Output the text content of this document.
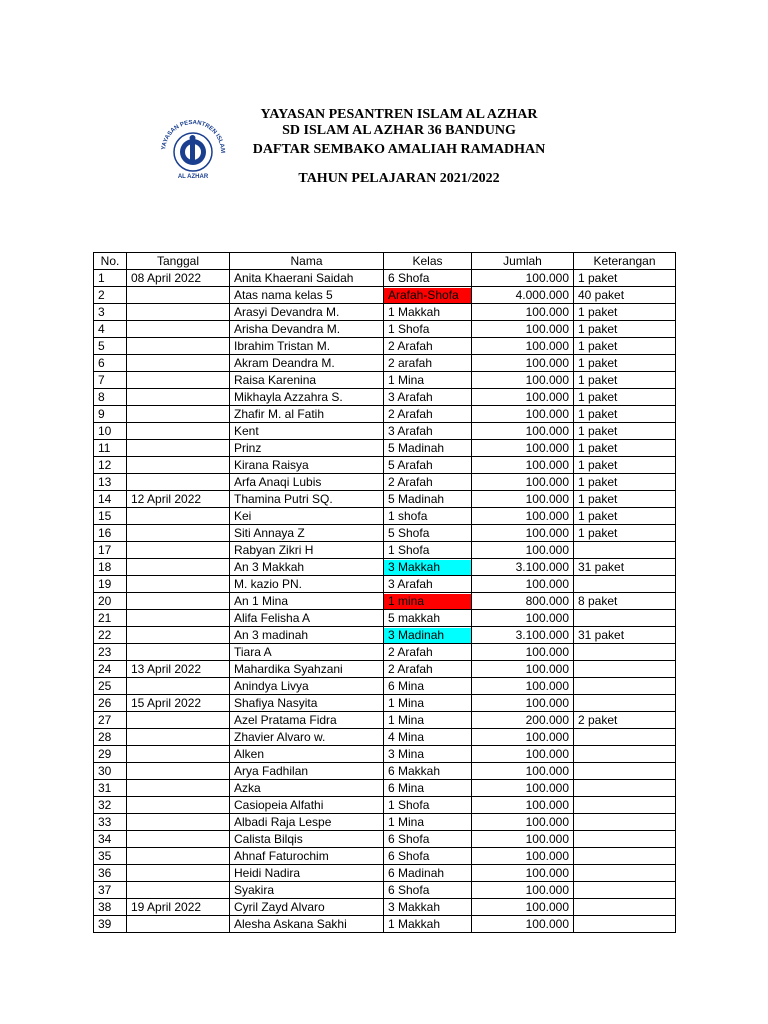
YAYASAN PESANTREN ISLAM
AL AZHAR
YAYASAN PESANTREN ISLAM AL AZHAR
SD ISLAM AL AZHAR 36 BANDUNG
DAFTAR SEMBAKO AMALIAH RAMADHAN
TAHUN PELAJARAN 2021/2022
No.	Tanggal	Nama	Kelas	Jumlah	Keterangan
1	08 April 2022	Anita Khaerani Saidah	6 Shofa	100.000	1 paket
2		Atas nama kelas 5	Arafah-Shofa	4.000.000	40 paket
3		Arasyi Devandra M.	1 Makkah	100.000	1 paket
4		Arisha Devandra M.	1 Shofa	100.000	1 paket
5		Ibrahim Tristan M.	2 Arafah	100.000	1 paket
6		Akram Deandra M.	2 arafah	100.000	1 paket
7		Raisa Karenina	1 Mina	100.000	1 paket
8		Mikhayla Azzahra S.	3 Arafah	100.000	1 paket
9		Zhafir M. al Fatih	2 Arafah	100.000	1 paket
10		Kent	3 Arafah	100.000	1 paket
11		Prinz	5 Madinah	100.000	1 paket
12		Kirana Raisya	5 Arafah	100.000	1 paket
13		Arfa Anaqi Lubis	2 Arafah	100.000	1 paket
14	12 April 2022	Thamina Putri SQ.	5 Madinah	100.000	1 paket
15		Kei	1 shofa	100.000	1 paket
16		Siti Annaya Z	5 Shofa	100.000	1 paket
17		Rabyan Zikri H	1 Shofa	100.000	
18		An 3 Makkah	3 Makkah	3.100.000	31 paket
19		M. kazio PN.	3 Arafah	100.000	
20		An 1 Mina	1 mina	800.000	8 paket
21		Alifa Felisha A	5 makkah	100.000	
22		An 3 madinah	3 Madinah	3.100.000	31 paket
23		Tiara A	2 Arafah	100.000	
24	13 April 2022	Mahardika Syahzani	2 Arafah	100.000	
25		Anindya Livya	6 Mina	100.000	
26	15 April 2022	Shafiya Nasyita	1 Mina	100.000	
27		Azel Pratama Fidra	1 Mina	200.000	2 paket
28		Zhavier Alvaro w.	4 Mina	100.000	
29		Alken	3 Mina	100.000	
30		Arya Fadhilan	6 Makkah	100.000	
31		Azka	6 Mina	100.000	
32		Casiopeia Alfathi	1 Shofa	100.000	
33		Albadi Raja Lespe	1 Mina	100.000	
34		Calista Bilqis	6 Shofa	100.000	
35		Ahnaf Faturochim	6 Shofa	100.000	
36		Heidi Nadira	6 Madinah	100.000	
37		Syakira	6 Shofa	100.000	
38	19 April 2022	Cyril Zayd Alvaro	3 Makkah	100.000	
39		Alesha Askana Sakhi	1 Makkah	100.000	
